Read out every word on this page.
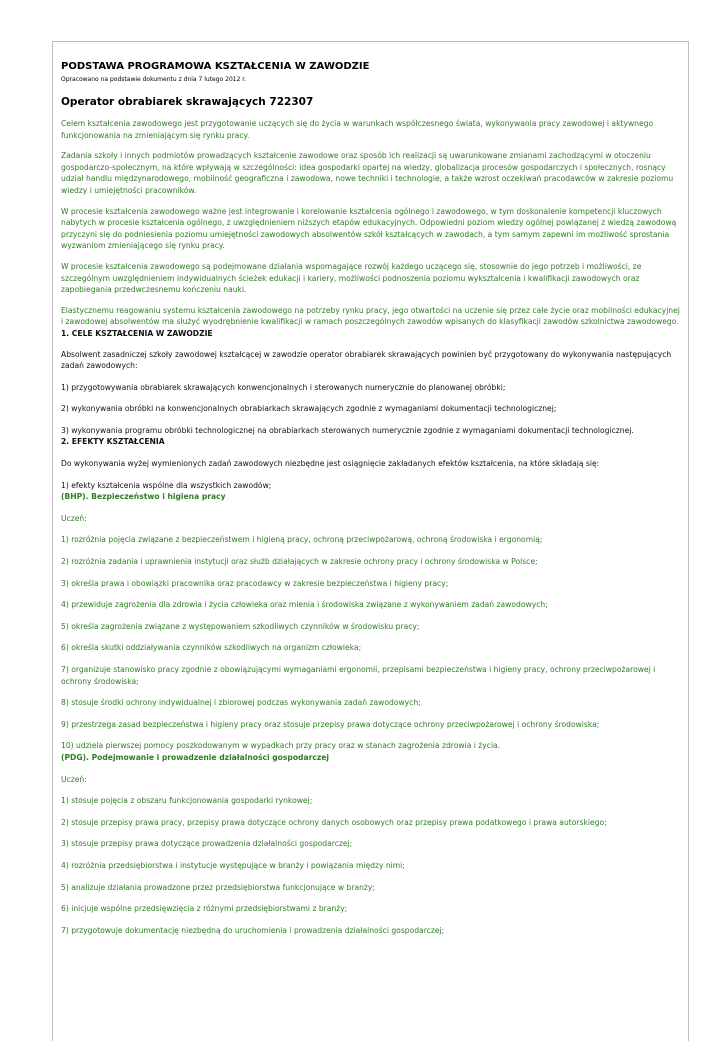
PODSTAWA PROGRAMOWA KSZTAŁCENIA W ZAWODZIE

Opracowano na podstawie dokumentu z dnia 7 lutego 2012 r.

Operator obrabiarek skrawających 722307

Celem kształcenia zawodowego jest przygotowanie uczących się do życia w warunkach współczesnego świata, wykonywania pracy zawodowej i aktywnego funkcjonowania na zmieniającym się rynku pracy.

Zadania szkoły i innych podmiotów prowadzących kształcenie zawodowe oraz sposób ich realizacji są uwarunkowane zmianami zachodzącymi w otoczeniu gospodarczo-społecznym, na które wpływają w szczególności: idea gospodarki opartej na wiedzy, globalizacja procesów gospodarczych i społecznych, rosnący udział handlu międzynarodowego, mobilność geograficzna i zawodowa, nowe techniki i technologie, a także wzrost oczekiwań pracodawców w zakresie poziomu wiedzy i umiejętności pracowników.

W procesie kształcenia zawodowego ważne jest integrowanie i korelowanie kształcenia ogólnego i zawodowego, w tym doskonalenie kompetencji kluczowych nabytych w procesie kształcenia ogólnego, z uwzględnieniem niższych etapów edukacyjnych. Odpowiedni poziom wiedzy ogólnej powiązanej z wiedzą zawodową przyczyni się do podniesienia poziomu umiejętności zawodowych absolwentów szkół kształcących w zawodach, a tym samym zapewni im możliwość sprostania wyzwaniom zmieniającego się rynku pracy.

W procesie kształcenia zawodowego są podejmowane działania wspomagające rozwój każdego uczącego się, stosownie do jego potrzeb i możliwości, ze szczególnym uwzględnieniem indywidualnych ścieżek edukacji i kariery, możliwości podnoszenia poziomu wykształcenia i kwalifikacji zawodowych oraz zapobiegania przedwczesnemu kończeniu nauki.

Elastycznemu reagowaniu systemu kształcenia zawodowego na potrzeby rynku pracy, jego otwartości na uczenie się przez całe życie oraz mobilności edukacyjnej i zawodowej absolwentów ma służyć wyodrębnienie kwalifikacji w ramach poszczególnych zawodów wpisanych do klasyfikacji zawodów szkolnictwa zawodowego.

1. CELE KSZTAŁCENIA W ZAWODZIE

Absolwent zasadniczej szkoły zawodowej kształcącej w zawodzie operator obrabiarek skrawających powinien być przygotowany do wykonywania następujących zadań zawodowych:

1) przygotowywania obrabiarek skrawających konwencjonalnych i sterowanych numerycznie do planowanej obróbki;

2) wykonywania obróbki na konwencjonalnych obrabiarkach skrawających zgodnie z wymaganiami dokumentacji technologicznej;

3) wykonywania programu obróbki technologicznej na obrabiarkach sterowanych numerycznie zgodnie z wymaganiami dokumentacji technologicznej.

2. EFEKTY KSZTAŁCENIA

Do wykonywania wyżej wymienionych zadań zawodowych niezbędne jest osiągnięcie zakładanych efektów kształcenia, na które składają się:

1) efekty kształcenia wspólne dla wszystkich zawodów;

(BHP). Bezpieczeństwo i higiena pracy

Uczeń:

1) rozróżnia pojęcia związane z bezpieczeństwem i higieną pracy, ochroną przeciwpożarową, ochroną środowiska i ergonomią;

2) rozróżnia zadania i uprawnienia instytucji oraz służb działających w zakresie ochrony pracy i ochrony środowiska w Polsce;

3) określa prawa i obowiązki pracownika oraz pracodawcy w zakresie bezpieczeństwa i higieny pracy;

4) przewiduje zagrożenia dla zdrowia i życia człowieka oraz mienia i środowiska związane z wykonywaniem zadań zawodowych;

5) określa zagrożenia związane z występowaniem szkodliwych czynników w środowisku pracy;

6) określa skutki oddziaływania czynników szkodliwych na organizm człowieka;

7) organizuje stanowisko pracy zgodnie z obowiązującymi wymaganiami ergonomii, przepisami bezpieczeństwa i higieny pracy, ochrony przeciwpożarowej i ochrony środowiska;

8) stosuje środki ochrony indywidualnej i zbiorowej podczas wykonywania zadań zawodowych;

9) przestrzega zasad bezpieczeństwa i higieny pracy oraz stosuje przepisy prawa dotyczące ochrony przeciwpożarowej i ochrony środowiska;

10) udziela pierwszej pomocy poszkodowanym w wypadkach przy pracy oraz w stanach zagrożenia zdrowia i życia.

(PDG). Podejmowanie i prowadzenie działalności gospodarczej

Uczeń:

1) stosuje pojęcia z obszaru funkcjonowania gospodarki rynkowej;

2) stosuje przepisy prawa pracy, przepisy prawa dotyczące ochrony danych osobowych oraz przepisy prawa podatkowego i prawa autorskiego;

3) stosuje przepisy prawa dotyczące prowadzenia działalności gospodarczej;

4) rozróżnia przedsiębiorstwa i instytucje występujące w branży i powiązania między nimi;

5) analizuje działania prowadzone przez przedsiębiorstwa funkcjonujące w branży;

6) inicjuje wspólne przedsięwzięcia z różnymi przedsiębiorstwami z branży;

7) przygotowuje dokumentację niezbędną do uruchomienia i prowadzenia działalności gospodarczej;
